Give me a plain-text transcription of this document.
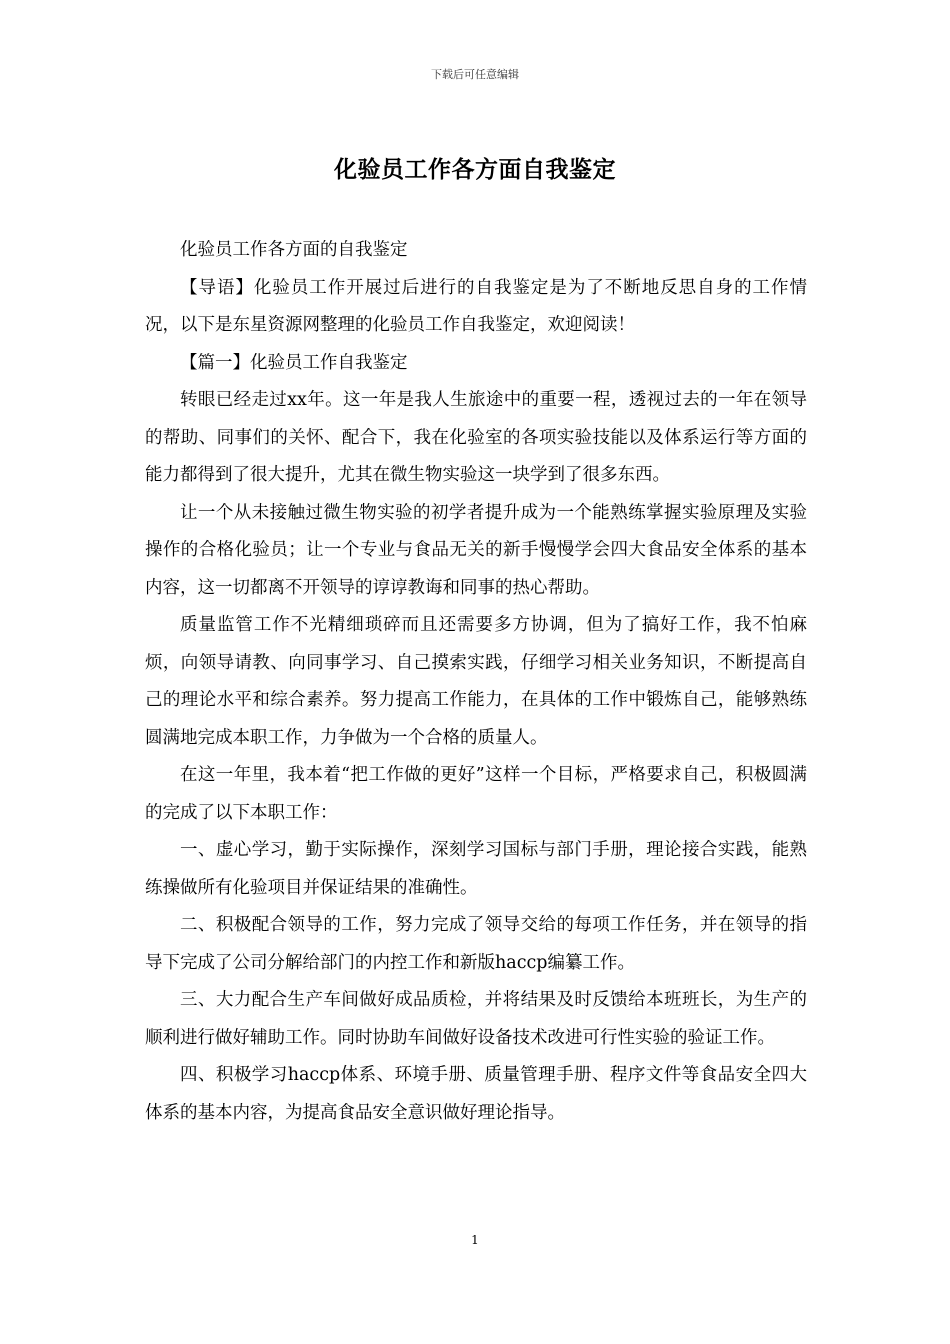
下载后可任意编辑
化验员工作各方面自我鉴定

化验员工作各方面的自我鉴定

【导语】化验员工作开展过后进行的自我鉴定是为了不断地反思自身的工作情况，以下是东星资源网整理的化验员工作自我鉴定，欢迎阅读！

【篇一】化验员工作自我鉴定

转眼已经走过xx年。这一年是我人生旅途中的重要一程，透视过去的一年在领导的帮助、同事们的关怀、配合下，我在化验室的各项实验技能以及体系运行等方面的能力都得到了很大提升，尤其在微生物实验这一块学到了很多东西。

让一个从未接触过微生物实验的初学者提升成为一个能熟练掌握实验原理及实验操作的合格化验员；让一个专业与食品无关的新手慢慢学会四大食品安全体系的基本内容，这一切都离不开领导的谆谆教诲和同事的热心帮助。

质量监管工作不光精细琐碎而且还需要多方协调，但为了搞好工作，我不怕麻烦，向领导请教、向同事学习、自己摸索实践，仔细学习相关业务知识，不断提高自己的理论水平和综合素养。努力提高工作能力，在具体的工作中锻炼自己，能够熟练圆满地完成本职工作，力争做为一个合格的质量人。

在这一年里，我本着“把工作做的更好”这样一个目标，严格要求自己，积极圆满的完成了以下本职工作：

一、虚心学习，勤于实际操作，深刻学习国标与部门手册，理论接合实践，能熟练操做所有化验项目并保证结果的准确性。

二、积极配合领导的工作，努力完成了领导交给的每项工作任务，并在领导的指导下完成了公司分解给部门的内控工作和新版haccp编纂工作。

三、大力配合生产车间做好成品质检，并将结果及时反馈给本班班长，为生产的顺利进行做好辅助工作。同时协助车间做好设备技术改进可行性实验的验证工作。

四、积极学习haccp体系、环境手册、质量管理手册、程序文件等食品安全四大体系的基本内容，为提高食品安全意识做好理论指导。

1
